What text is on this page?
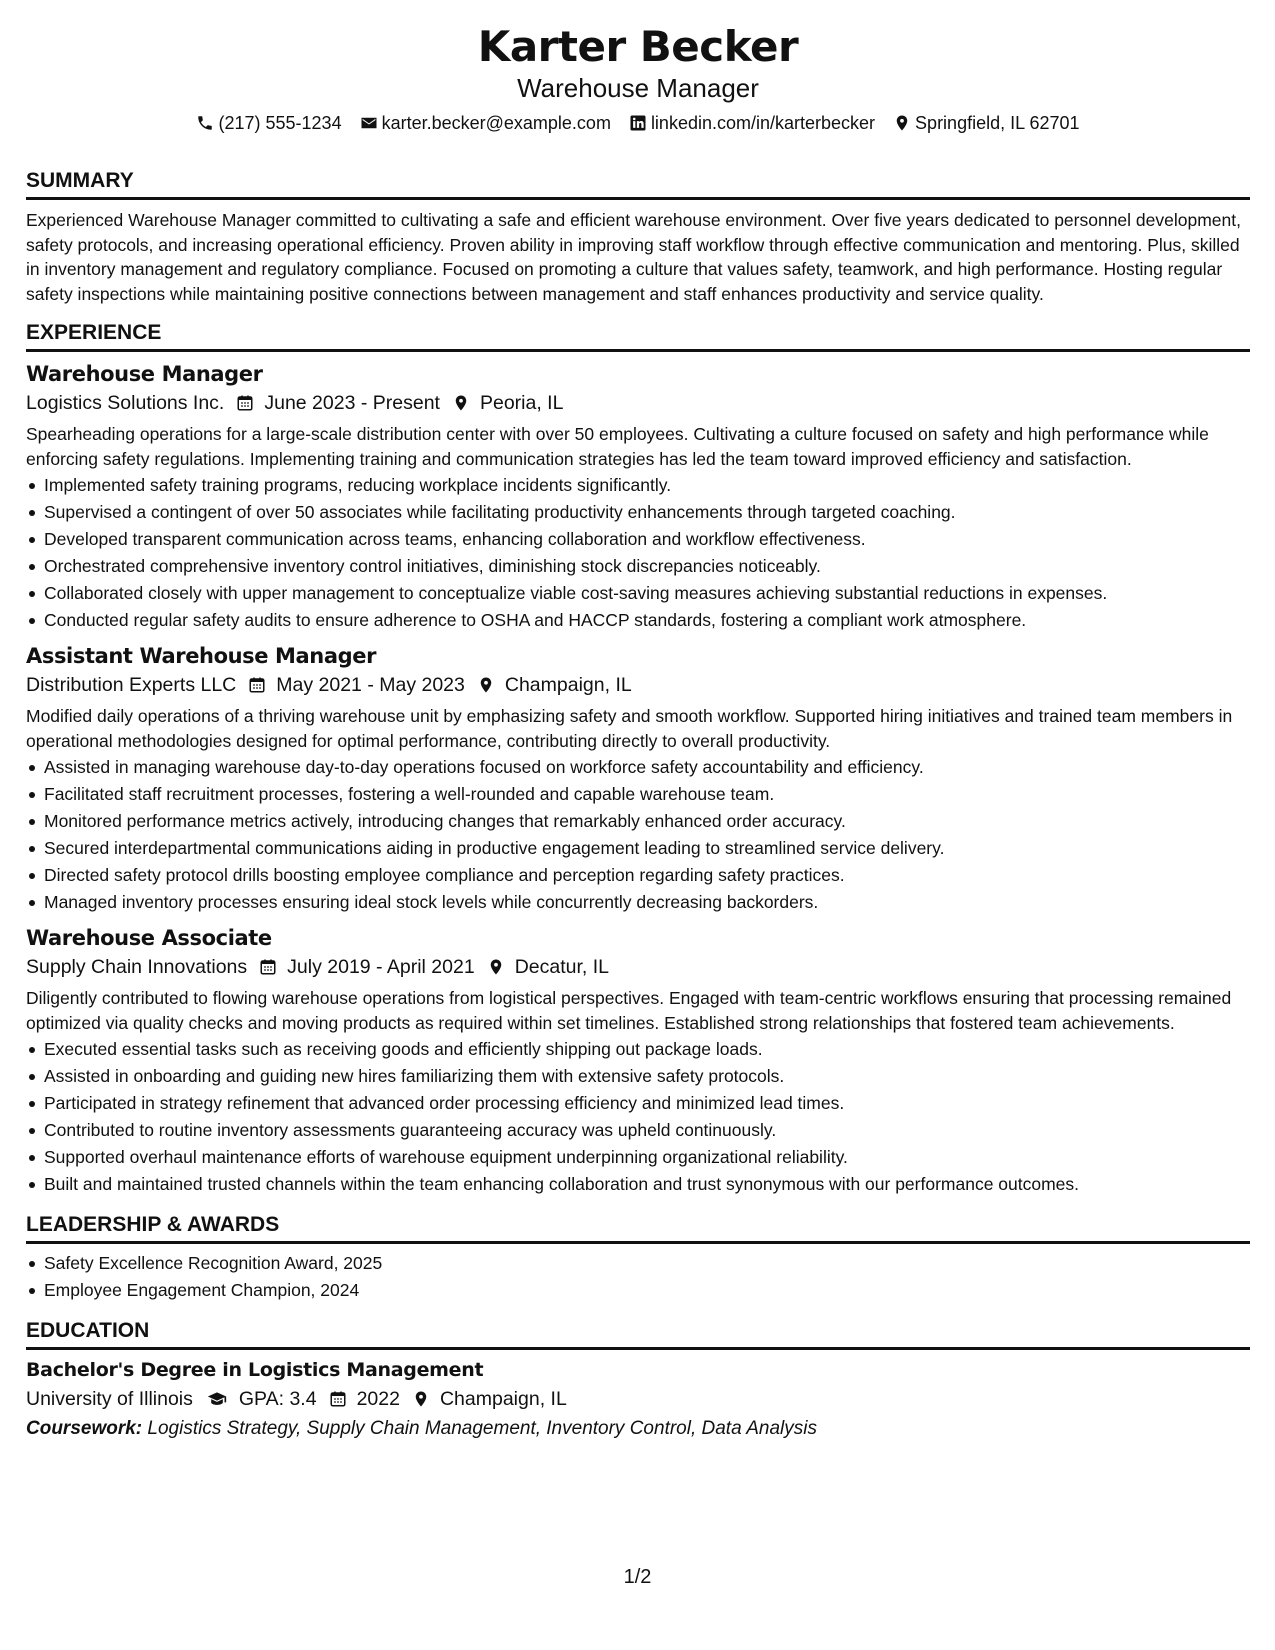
Karter Becker
Warehouse Manager
(217) 555-1234 karter.becker@example.com linkedin.com/in/karterbecker Springfield, IL 62701
SUMMARY
Experienced Warehouse Manager committed to cultivating a safe and efficient warehouse environment. Over five years dedicated to personnel development, safety protocols, and increasing operational efficiency. Proven ability in improving staff workflow through effective communication and mentoring. Plus, skilled in inventory management and regulatory compliance. Focused on promoting a culture that values safety, teamwork, and high performance. Hosting regular safety inspections while maintaining positive connections between management and staff enhances productivity and service quality.
EXPERIENCE
Warehouse Manager
Logistics Solutions Inc. June 2023 - Present Peoria, IL
Spearheading operations for a large-scale distribution center with over 50 employees. Cultivating a culture focused on safety and high performance while enforcing safety regulations. Implementing training and communication strategies has led the team toward improved efficiency and satisfaction.
Implemented safety training programs, reducing workplace incidents significantly.
Supervised a contingent of over 50 associates while facilitating productivity enhancements through targeted coaching.
Developed transparent communication across teams, enhancing collaboration and workflow effectiveness.
Orchestrated comprehensive inventory control initiatives, diminishing stock discrepancies noticeably.
Collaborated closely with upper management to conceptualize viable cost-saving measures achieving substantial reductions in expenses.
Conducted regular safety audits to ensure adherence to OSHA and HACCP standards, fostering a compliant work atmosphere.
Assistant Warehouse Manager
Distribution Experts LLC May 2021 - May 2023 Champaign, IL
Modified daily operations of a thriving warehouse unit by emphasizing safety and smooth workflow. Supported hiring initiatives and trained team members in operational methodologies designed for optimal performance, contributing directly to overall productivity.
Assisted in managing warehouse day-to-day operations focused on workforce safety accountability and efficiency.
Facilitated staff recruitment processes, fostering a well-rounded and capable warehouse team.
Monitored performance metrics actively, introducing changes that remarkably enhanced order accuracy.
Secured interdepartmental communications aiding in productive engagement leading to streamlined service delivery.
Directed safety protocol drills boosting employee compliance and perception regarding safety practices.
Managed inventory processes ensuring ideal stock levels while concurrently decreasing backorders.
Warehouse Associate
Supply Chain Innovations July 2019 - April 2021 Decatur, IL
Diligently contributed to flowing warehouse operations from logistical perspectives. Engaged with team-centric workflows ensuring that processing remained optimized via quality checks and moving products as required within set timelines. Established strong relationships that fostered team achievements.
Executed essential tasks such as receiving goods and efficiently shipping out package loads.
Assisted in onboarding and guiding new hires familiarizing them with extensive safety protocols.
Participated in strategy refinement that advanced order processing efficiency and minimized lead times.
Contributed to routine inventory assessments guaranteeing accuracy was upheld continuously.
Supported overhaul maintenance efforts of warehouse equipment underpinning organizational reliability.
Built and maintained trusted channels within the team enhancing collaboration and trust synonymous with our performance outcomes.
LEADERSHIP & AWARDS
Safety Excellence Recognition Award, 2025
Employee Engagement Champion, 2024
EDUCATION
Bachelor's Degree in Logistics Management
University of Illinois GPA: 3.4 2022 Champaign, IL
Coursework: Logistics Strategy, Supply Chain Management, Inventory Control, Data Analysis
1/2
